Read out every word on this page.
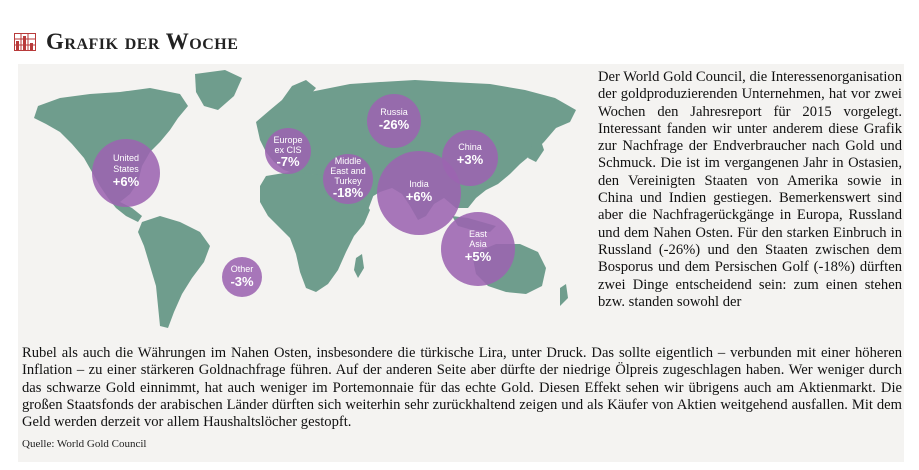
Grafik der Woche
United
States
+6%
Europe
ex CIS
-7%
Russia
-26%
Middle
East and
Turkey
-18%
India
+6%
China
+3%
East
Asia
+5%
Other
-3%
Der World Gold Council, die Interessenorganisation der goldproduzierenden Unternehmen, hat vor zwei Wochen den Jahresreport für 2015 vorgelegt. Interessant fanden wir unter anderem diese Grafik zur Nachfrage der Endverbraucher nach Gold und Schmuck. Die ist im vergangenen Jahr in Ostasien, den Vereinigten Staaten von Amerika sowie in China und Indien gestiegen. Bemerkenswert sind aber die Nachfragerückgänge in Europa, Russland und dem Nahen Osten. Für den starken Einbruch in Russland (-26%) und den Staaten zwischen dem Bosporus und dem Persischen Golf (-18%) dürften zwei Dinge entscheidend sein: zum einen stehen bzw. standen sowohl der
Rubel als auch die Währungen im Nahen Osten, insbesondere die türkische Lira, unter Druck. Das sollte eigentlich – verbunden mit einer höheren Inflation – zu einer stärkeren Goldnachfrage führen. Auf der anderen Seite aber dürfte der niedrige Ölpreis zugeschlagen haben. Wer weniger durch das schwarze Gold einnimmt, hat auch weniger im Portemonnaie für das echte Gold. Diesen Effekt sehen wir übrigens auch am Aktienmarkt. Die großen Staatsfonds der arabischen Länder dürften sich weiterhin sehr zurückhaltend zeigen und als Käufer von Aktien weitgehend ausfallen. Mit dem Geld werden derzeit vor allem Haushaltslöcher gestopft.
Quelle: World Gold Council
